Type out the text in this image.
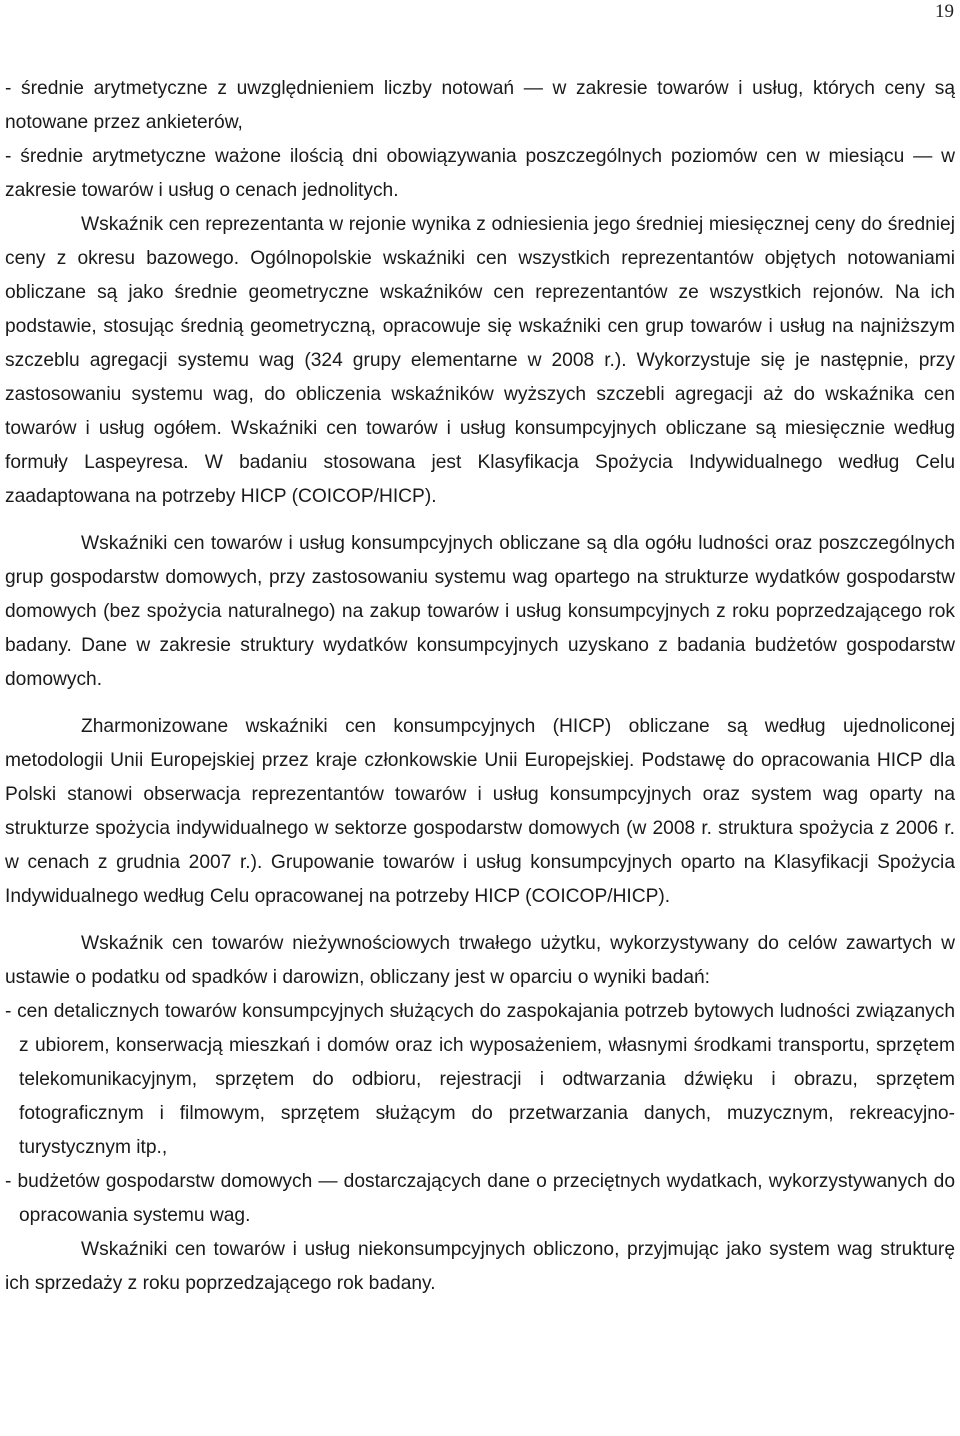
19

- średnie arytmetyczne z uwzględnieniem liczby notowań — w zakresie towarów i usług, których ceny są notowane przez ankieterów,

- średnie arytmetyczne ważone ilością dni obowiązywania poszczególnych poziomów cen w miesiącu — w zakresie towarów i usług o cenach jednolitych.

Wskaźnik cen reprezentanta w rejonie wynika z odniesienia jego średniej miesięcznej ceny do średniej ceny z okresu bazowego. Ogólnopolskie wskaźniki cen wszystkich reprezentantów objętych notowaniami obliczane są jako średnie geometryczne wskaźników cen reprezentantów ze wszystkich rejonów. Na ich podstawie, stosując średnią geometryczną, opracowuje się wskaźniki cen grup towarów i usług na najniższym szczeblu agregacji systemu wag (324 grupy elementarne w 2008 r.). Wykorzystuje się je następnie, przy zastosowaniu systemu wag, do obliczenia wskaźników wyższych szczebli agregacji aż do wskaźnika cen towarów i usług ogółem. Wskaźniki cen towarów i usług konsumpcyjnych obliczane są miesięcznie według formuły Laspeyresa. W badaniu stosowana jest Klasyfikacja Spożycia Indywidualnego według Celu zaadaptowana na potrzeby HICP (COICOP/HICP).

Wskaźniki cen towarów i usług konsumpcyjnych obliczane są dla ogółu ludności oraz poszczególnych grup gospodarstw domowych, przy zastosowaniu systemu wag opartego na strukturze wydatków gospodarstw domowych (bez spożycia naturalnego) na zakup towarów i usług konsumpcyjnych z roku poprzedzającego rok badany. Dane w zakresie struktury wydatków konsumpcyjnych uzyskano z badania budżetów gospodarstw domowych.

Zharmonizowane wskaźniki cen konsumpcyjnych (HICP) obliczane są według ujednoliconej metodologii Unii Europejskiej przez kraje członkowskie Unii Europejskiej. Podstawę do opracowania HICP dla Polski stanowi obserwacja reprezentantów towarów i usług konsumpcyjnych oraz system wag oparty na strukturze spożycia indywidualnego w sektorze gospodarstw domowych (w 2008 r. struktura spożycia z 2006 r. w cenach z grudnia 2007 r.). Grupowanie towarów i usług konsumpcyjnych oparto na Klasyfikacji Spożycia Indywidualnego według Celu opracowanej na potrzeby HICP (COICOP/HICP).

Wskaźnik cen towarów nieżywnościowych trwałego użytku, wykorzystywany do celów zawartych w ustawie o podatku od spadków i darowizn, obliczany jest w oparciu o wyniki badań:

- cen detalicznych towarów konsumpcyjnych służących do zaspokajania potrzeb bytowych ludności związanych z ubiorem, konserwacją mieszkań i domów oraz ich wyposażeniem, własnymi środkami transportu, sprzętem telekomunikacyjnym, sprzętem do odbioru, rejestracji i odtwarzania dźwięku i obrazu, sprzętem fotograficznym i filmowym, sprzętem służącym do przetwarzania danych, muzycznym, rekreacyjno-turystycznym itp.,

- budżetów gospodarstw domowych — dostarczających dane o przeciętnych wydatkach, wykorzystywanych do opracowania systemu wag.

Wskaźniki cen towarów i usług niekonsumpcyjnych obliczono, przyjmując jako system wag strukturę ich sprzedaży z roku poprzedzającego rok badany.
